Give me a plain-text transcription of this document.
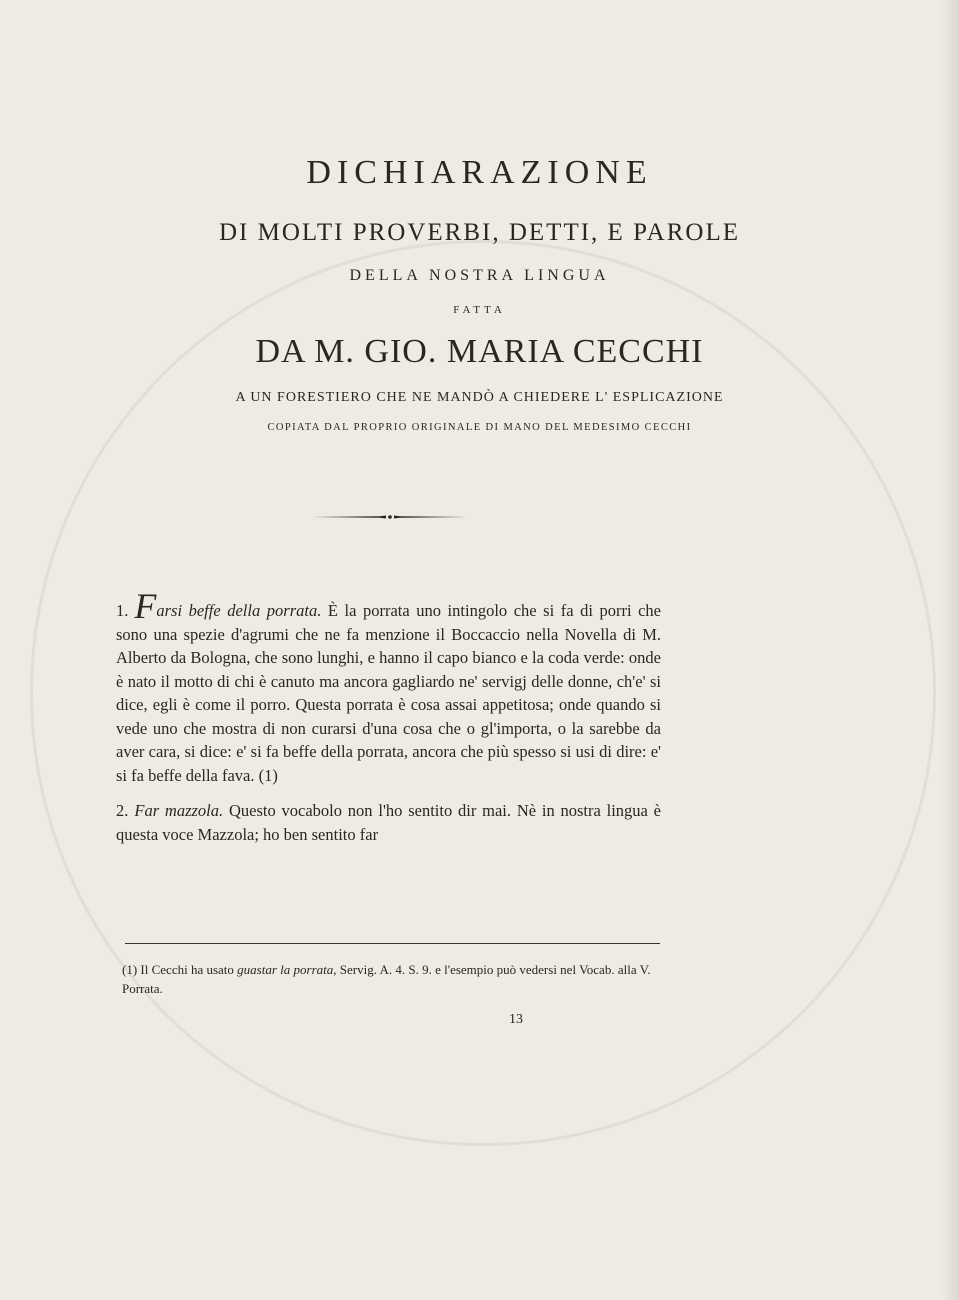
DICHIARAZIONE
DI MOLTI PROVERBI, DETTI, E PAROLE
DELLA NOSTRA LINGUA
FATTA
DA M. GIO. MARIA CECCHI
A UN FORESTIERO CHE NE MANDÒ A CHIEDERE L' ESPLICAZIONE
COPIATA DAL PROPRIO ORIGINALE DI MANO DEL MEDESIMO CECCHI

1. Farsi beffe della porrata. È la porrata uno intingolo che si fa di porri che sono una spezie d'agrumi che ne fa menzione il Boccaccio nella Novella di M. Alberto da Bologna, che sono lunghi, e hanno il capo bianco e la coda verde: onde è nato il motto di chi è canuto ma ancora gagliardo ne' servigj delle donne, ch'e' si dice, egli è come il porro. Questa porrata è cosa assai appetitosa; onde quando si vede uno che mostra di non curarsi d'una cosa che o gl'importa, o la sarebbe da aver cara, si dice: e' si fa beffe della porrata, ancora che più spesso si usi di dire: e' si fa beffe della fava. (1)

2. Far mazzola. Questo vocabolo non l'ho sentito dir mai. Nè in nostra lingua è questa voce Mazzola; ho ben sentito far

(1) Il Cecchi ha usato guastar la porrata, Servig. A. 4. S. 9. e l'esempio può vedersi nel Vocab. alla V. Porrata.
13
